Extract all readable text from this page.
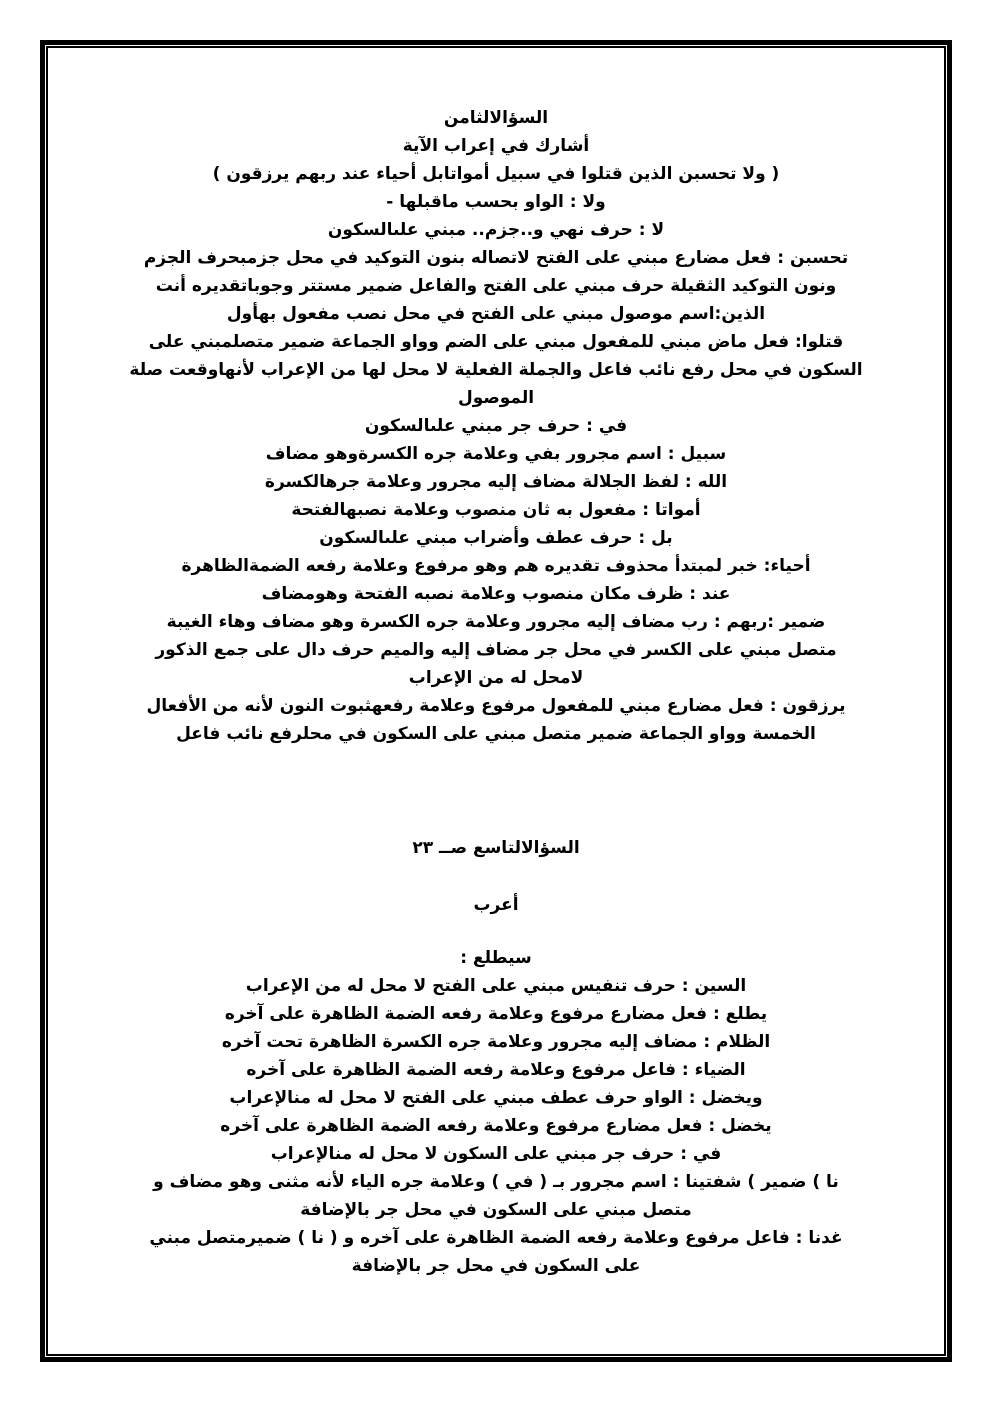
السؤالالثامن
أشارك في إعراب الآية
( ولا تحسبن الذين قتلوا في سبيل أمواتابل أحياء عند ربهم يرزقون )
ولا : الواو بحسب ماقبلها -
لا : حرف نهي و..جزم.. مبني علىالسكون
تحسبن : فعل مضارع مبني على الفتح لاتصاله بنون التوكيد في محل جزمبحرف الجزم
ونون التوكيد الثقيلة حرف مبني على الفتح والفاعل ضمير مستتر وجوباتقديره أنت
الذين:اسم موصول مبني على الفتح في محل نصب مفعول بهأول
قتلوا: فعل ماض مبني للمفعول مبني على الضم وواو الجماعة ضمير متصلمبني على
السكون في محل رفع نائب فاعل والجملة الفعلية لا محل لها من الإعراب لأنهاوقعت صلة
الموصول
في : حرف جر مبني علىالسكون
سبيل : اسم مجرور بفي وعلامة جره الكسرةوهو مضاف
الله : لفظ الجلالة مضاف إليه مجرور وعلامة جرهالكسرة
أمواتا : مفعول به ثان منصوب وعلامة نصبهالفتحة
بل : حرف عطف وأضراب مبني علىالسكون
أحياء: خبر لمبتدأ محذوف تقديره هم وهو مرفوع وعلامة رفعه الضمةالظاهرة
عند : ظرف مكان منصوب وعلامة نصبه الفتحة وهومضاف
ضمير :ربهم : رب مضاف إليه مجرور وعلامة جره الكسرة وهو مضاف وهاء الغيبة
متصل مبني على الكسر في محل جر مضاف إليه والميم حرف دال على جمع الذكور
لامحل له من الإعراب
يرزقون : فعل مضارع مبني للمفعول مرفوع وعلامة رفعهثبوت النون لأنه من الأفعال
الخمسة وواو الجماعة ضمير متصل مبني على السكون في محلرفع نائب فاعل
السؤالالتاسع صــ ٢٣
أعرب
سيطلع :
السين : حرف تنفيس مبني على الفتح لا محل له من الإعراب
يطلع : فعل مضارع مرفوع وعلامة رفعه الضمة الظاهرة على آخره
الظلام : مضاف إليه مجرور وعلامة جره الكسرة الظاهرة تحت آخره
الضياء : فاعل مرفوع وعلامة رفعه الضمة الظاهرة على آخره
ويخضل : الواو حرف عطف مبني على الفتح لا محل له منالإعراب
يخضل : فعل مضارع مرفوع وعلامة رفعه الضمة الظاهرة على آخره
في : حرف جر مبني على السكون لا محل له منالإعراب
نا ) ضمير ) شفتينا : اسم مجرور بـ ( في ) وعلامة جره الياء لأنه مثنى وهو مضاف و
متصل مبني على السكون في محل جر بالإضافة
غدنا : فاعل مرفوع وعلامة رفعه الضمة الظاهرة على آخره و ( نا ) ضميرمتصل مبني
على السكون في محل جر بالإضافة
